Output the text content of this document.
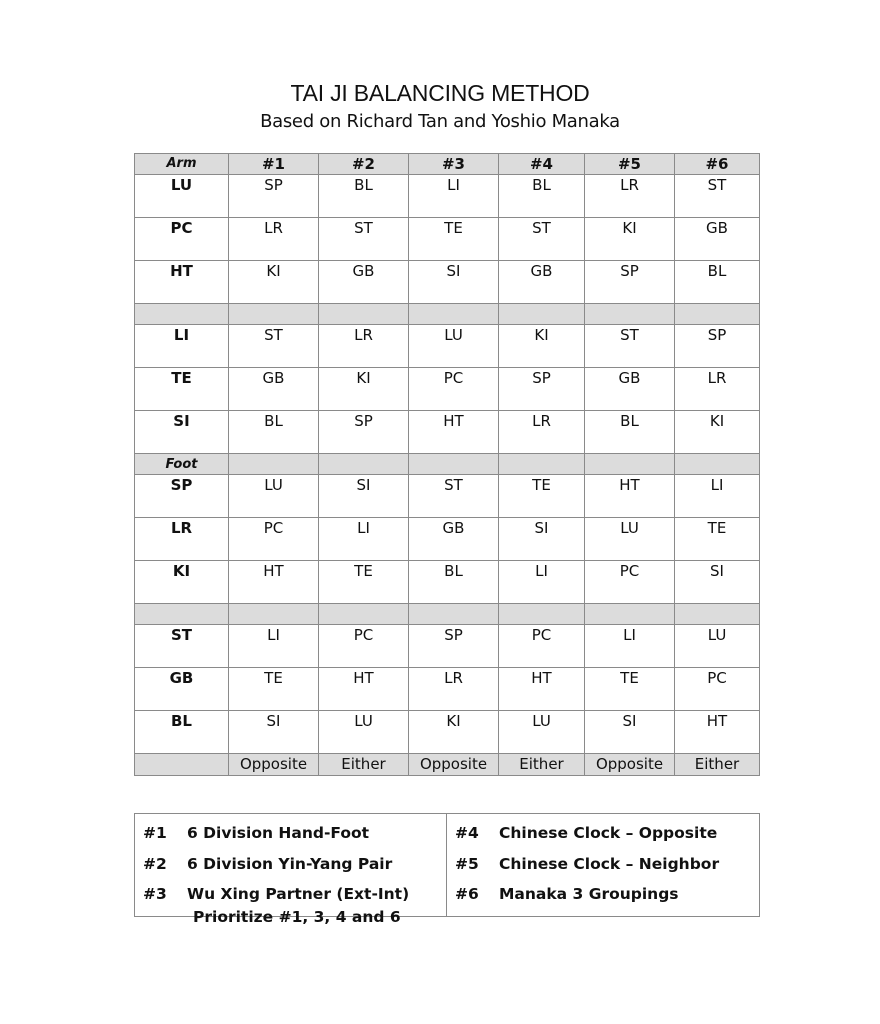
TAI JI BALANCING METHOD
Based on Richard Tan and Yoshio Manaka
Arm	#1	#2	#3	#4	#5	#6
LU	SP	BL	LI	BL	LR	ST
PC	LR	ST	TE	ST	KI	GB
HT	KI	GB	SI	GB	SP	BL

LI	ST	LR	LU	KI	ST	SP
TE	GB	KI	PC	SP	GB	LR
SI	BL	SP	HT	LR	BL	KI
Foot						
SP	LU	SI	ST	TE	HT	LI
LR	PC	LI	GB	SI	LU	TE
KI	HT	TE	BL	LI	PC	SI

ST	LI	PC	SP	PC	LI	LU
GB	TE	HT	LR	HT	TE	PC
BL	SI	LU	KI	LU	SI	HT
	Opposite	Either	Opposite	Either	Opposite	Either
#1 6 Division Hand-Foot
#2 6 Division Yin-Yang Pair
#3 Wu Xing Partner (Ext-Int)

#4 Chinese Clock – Opposite
#5 Chinese Clock – Neighbor
#6 Manaka 3 Groupings
Prioritize #1, 3, 4 and 6
